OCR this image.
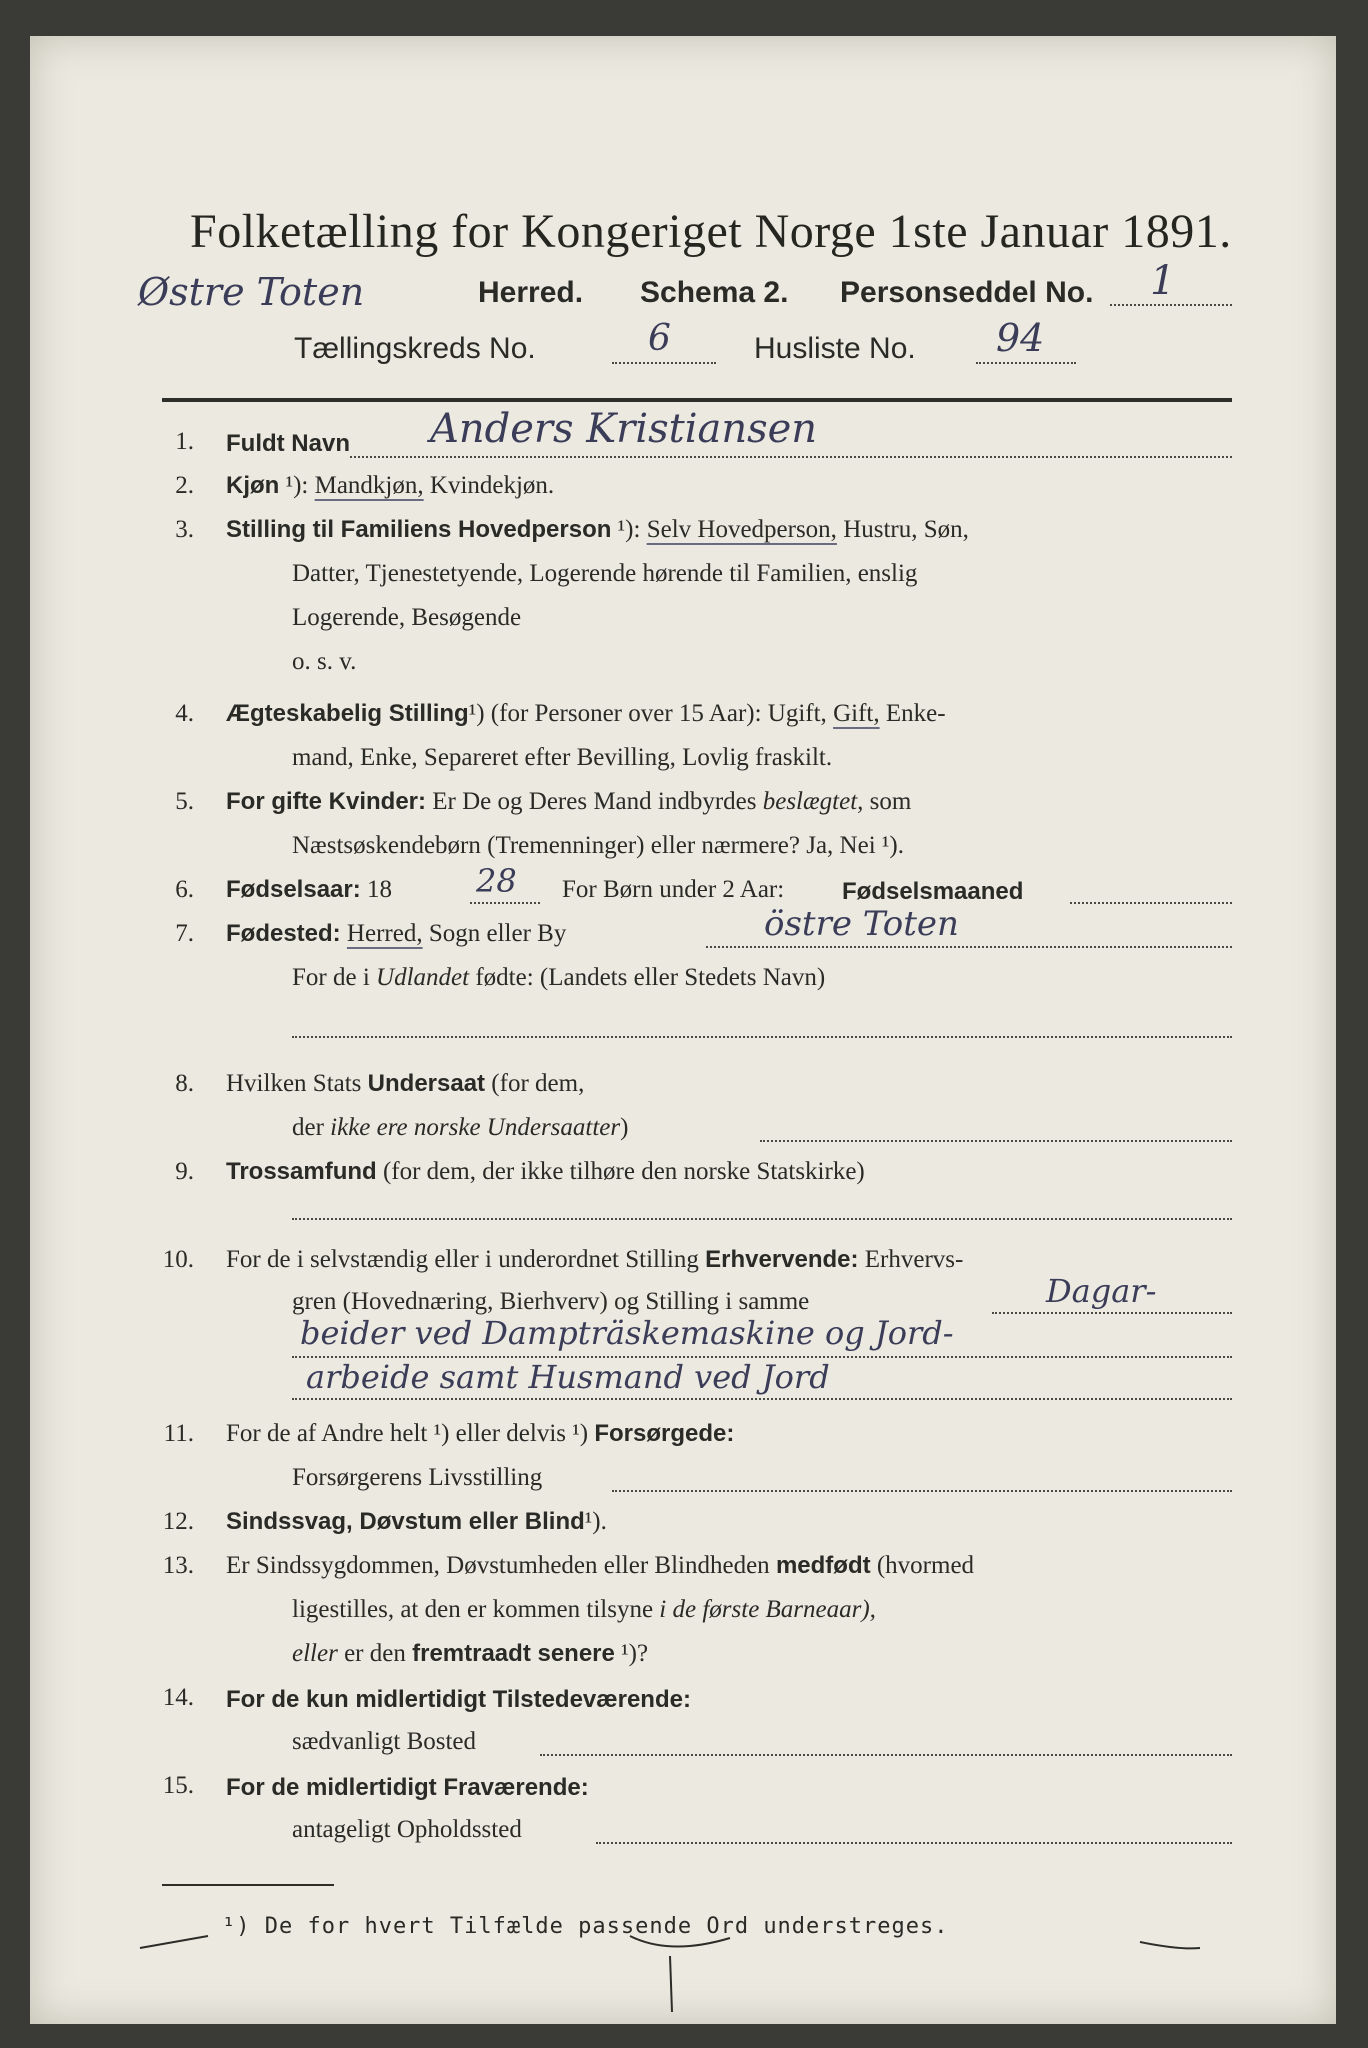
Folketælling for Kongeriget Norge 1ste Januar 1891.
Østre Toten	Herred. Schema 2. Personseddel No. 1
Tællingskreds No.	6	Husliste No. 94
1. Fuldt Navn Anders Kristiansen
2. Kjøn ¹): Mandkjøn, Kvindekjøn.
3. Stilling til Familiens Hovedperson ¹): Selv Hovedperson, Hustru, Søn,
Datter, Tjenestetyende, Logerende hørende til Familien, enslig
Logerende, Besøgende
o. s. v.
4. Ægteskabelig Stilling¹) (for Personer over 15 Aar): Ugift, Gift, Enke-
mand, Enke, Separeret efter Bevilling, Lovlig fraskilt.
5. For gifte Kvinder: Er De og Deres Mand indbyrdes beslægtet, som
Næstsøskendebørn (Tremenninger) eller nærmere? Ja, Nei ¹).
6. Fødselsaar: 18	28 For Børn under 2 Aar: Fødselsmaaned
7. Fødested: Herred, Sogn eller By	östre Toten
For de i Udlandet fødte: (Landets eller Stedets Navn)
8. Hvilken Stats Undersaat (for dem,
der ikke ere norske Undersaatter)
9. Trossamfund (for dem, der ikke tilhøre den norske Statskirke)
10. For de i selvstændig eller i underordnet Stilling Erhvervende: Erhvervs-
gren (Hovednæring, Bierhverv) og Stilling i samme	Dagar-
beider ved Dampträskemaskine og Jord-
arbeide samt Husmand ved Jord
11. For de af Andre helt ¹) eller delvis ¹) Forsørgede:
Forsørgerens Livsstilling
12. Sindssvag, Døvstum eller Blind¹).
13. Er Sindssygdommen, Døvstumheden eller Blindheden medfødt (hvormed
ligestilles, at den er kommen tilsyne i de første Barneaar),
eller er den fremtraadt senere ¹)?
14. For de kun midlertidigt Tilstedeværende:
sædvanligt Bosted
15. For de midlertidigt Fraværende:
antageligt Opholdssted
¹) De for hvert Tilfælde passende Ord understreges.
